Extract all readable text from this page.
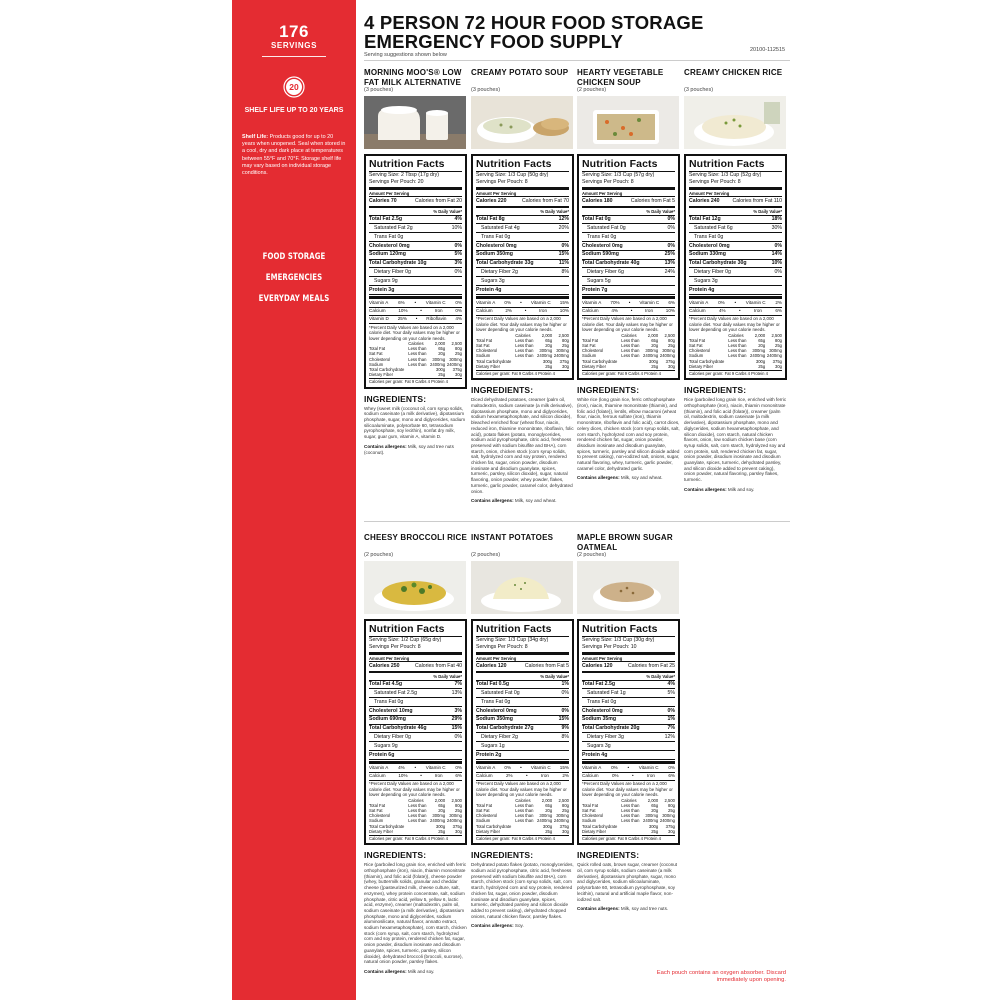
176
SERVINGS
20
SHELF LIFE UP TO 20 YEARS
Shelf Life: Products good for up to 20 years when unopened. Seal when stored in a cool, dry and dark place at temperatures between 55°F and 70°F. Storage shelf life may vary based on individual storage conditions.
FOOD STORAGE
EMERGENCIES
EVERYDAY MEALS
4 PERSON 72 HOUR FOOD STORAGE
EMERGENCY FOOD SUPPLY	20100-112515
Serving suggestions shown below
MORNING MOO'S® LOW FAT MILK ALTERNATIVE
(3 pouches)
Nutrition Facts
Serving Size: 2 Tbsp (17g dry)
Servings Per Pouch: 20
Amount Per Serving
Calories 70	Calories from Fat 20
% Daily Value*
Total Fat 2.5g	4%
Saturated Fat 2g	10%
Trans Fat 0g
Cholesterol 0mg	0%
Sodium 120mg	5%
Total Carbohydrate 10g	3%
Dietary Fiber 0g	0%
Sugars 9g
Protein 3g
Vitamin A 6% • Vitamin C 0%
Calcium	10%	•	Iron	0%
Vitamin D 25% • Riboflavin 4%
*Percent Daily Values are based on a 2,000 calorie diet. Your daily values may be higher or lower depending on your calorie needs.
	Calories	2,000	2,500
Total Fat	Less than	65g	80g
Sat Fat	Less than	20g	25g
Cholesterol	Less than	300mg	300mg
Sodium	Less than	2400mg	2400mg
Total Carbohydrate		300g	375g
Dietary Fiber		25g	30g
Calories per gram: Fat 9 Carbs 4 Protein 4
INGREDIENTS:
Whey (sweet milk (coconut oil, corn syrup solids, sodium caseinate (a milk derivative), dipotassium phosphate, sugar, mono and diglycerides, sodium silicoaluminate, polysorbate 60, tetrasodium pyrophosphate, soy lecithin), nonfat dry milk, sugar, guar gum, vitamin A, vitamin D.
Contains allergens: Milk, soy and tree nuts (coconut).
CREAMY POTATO SOUP
(3 pouches)
Nutrition Facts
Serving Size: 1/3 Cup (50g dry)
Servings Per Pouch: 8
Amount Per Serving
Calories 220	Calories from Fat 70
% Daily Value*
Total Fat 8g	12%
Saturated Fat 4g	20%
Trans Fat 0g
Cholesterol 0mg	0%
Sodium 350mg	15%
Total Carbohydrate 33g	11%
Dietary Fiber 2g	8%
Sugars 3g
Protein 4g
Vitamin A 0% • Vitamin C 15%
Calcium	2%	•	Iron	10%
*Percent Daily Values are based on a 2,000 calorie diet. Your daily values may be higher or lower depending on your calorie needs.
	Calories	2,000	2,500
Total Fat	Less than	65g	80g
Sat Fat	Less than	20g	25g
Cholesterol	Less than	300mg	300mg
Sodium	Less than	2400mg	2400mg
Total Carbohydrate		300g	375g
Dietary Fiber		25g	30g
Calories per gram: Fat 9 Carbs 4 Protein 4
INGREDIENTS:
Diced dehydrated potatoes, creamer (palm oil, maltodextrin, sodium caseinate (a milk derivative), dipotassium phosphate, mono and diglycerides, sodium hexametaphosphate, and silicon dioxide), bleached enriched flour (wheat flour, niacin, reduced iron, thiamine mononitrate, riboflavin, folic acid), potato flakes (potato, monoglycerides, sodium acid pyrophosphate, citric acid, freshness preserved with sodium bisulfite and BHA), corn starch, onion, chicken stock (corn syrup solids, salt, hydrolyzed corn and soy protein, rendered chicken fat, sugar, onion powder, disodium inosinate and disodium guanylate, spices, turmeric, parsley, silicon dioxide), sugar, natural flavoring, onion powder, whey powder, flakes, turmeric, garlic powder, caramel color, dehydrated onion.
Contains allergens: Milk, soy and wheat.
HEARTY VEGETABLE CHICKEN SOUP
(2 pouches)
Nutrition Facts
Serving Size: 1/3 Cup (57g dry)
Servings Per Pouch: 8
Amount Per Serving
Calories 180	Calories from Fat 5
% Daily Value*
Total Fat 0g	0%
Saturated Fat 0g	0%
Trans Fat 0g
Cholesterol 0mg	0%
Sodium 590mg	25%
Total Carbohydrate 40g	13%
Dietary Fiber 6g	24%
Sugars 5g
Protein 7g
Vitamin A 70% • Vitamin C 6%
Calcium	4%	•	Iron	10%
*Percent Daily Values are based on a 2,000 calorie diet. Your daily values may be higher or lower depending on your calorie needs.
	Calories	2,000	2,500
Total Fat	Less than	65g	80g
Sat Fat	Less than	20g	25g
Cholesterol	Less than	300mg	300mg
Sodium	Less than	2400mg	2400mg
Total Carbohydrate		300g	375g
Dietary Fiber		25g	30g
Calories per gram: Fat 9 Carbs 4 Protein 4
INGREDIENTS:
White rice (long grain rice, ferric orthophosphate (iron), niacin, thiamine mononitrate (thiamin), and folic acid (folate)), lentils, elbow macaroni (wheat flour, niacin, ferrous sulfate (iron), thiamin mononitrate, riboflavin and folic acid), carrot dices, celery dices, chicken stock (corn syrup solids, salt, corn starch, hydrolyzed corn and soy protein, rendered chicken fat, sugar, onion powder, disodium inosinate and disodium guanylate, spices, turmeric, parsley and silicon dioxide added to prevent caking), non-iodized salt, onions, sugar, natural flavoring, whey, turmeric, garlic powder, caramel color, dehydrated garlic.
Contains allergens: Milk, soy and wheat.
CREAMY CHICKEN RICE
(3 pouches)
Nutrition Facts
Serving Size: 1/3 Cup (52g dry)
Servings Per Pouch: 8
Amount Per Serving
Calories 240 Calories from Fat 110
% Daily Value*
Total Fat 12g	18%
Saturated Fat 6g	30%
Trans Fat 0g
Cholesterol 0mg	0%
Sodium 330mg	14%
Total Carbohydrate 30g	10%
Dietary Fiber 0g	0%
Sugars 3g
Protein 4g
Vitamin A 0% • Vitamin C 2%
Calcium	4%	•	Iron	6%
*Percent Daily Values are based on a 2,000 calorie diet. Your daily values may be higher or lower depending on your calorie needs.
	Calories	2,000	2,500
Total Fat	Less than	65g	80g
Sat Fat	Less than	20g	25g
Cholesterol	Less than	300mg	300mg
Sodium	Less than	2400mg	2400mg
Total Carbohydrate		300g	375g
Dietary Fiber		25g	30g
Calories per gram: Fat 9 Carbs 4 Protein 4
INGREDIENTS:
Rice (parboiled long grain rice, enriched with ferric orthophosphate (iron), niacin, thiamin mononitrate (thiamin), and folic acid (folate)), creamer (palm oil, maltodextrin, sodium caseinate (a milk derivative), dipotassium phosphate, mono and diglycerides, sodium hexametaphosphate, and silicon dioxide), corn starch, natural chicken flavors, onion, low sodium chicken base (corn syrup solids, salt, corn starch, hydrolyzed soy and corn protein, salt, rendered chicken fat, sugar, onion powder, disodium inosinate and disodium guanylate, spices, turmeric, dehydrated parsley, and silicon dioxide added to prevent caking), onion powder, natural flavoring, parsley flakes, turmeric.
Contains allergens: Milk and soy.
CHEESY BROCCOLI RICE
(2 pouches)
Nutrition Facts
Serving Size: 1/2 Cup (65g dry)
Servings Per Pouch: 8
Amount Per Serving
Calories 250	Calories from Fat 40
% Daily Value*
Total Fat 4.5g	7%
Saturated Fat 2.5g	13%
Trans Fat 0g
Cholesterol 10mg	3%
Sodium 690mg	29%
Total Carbohydrate 46g	15%
Dietary Fiber 0g	0%
Sugars 9g
Protein 6g
Vitamin A 4% • Vitamin C 0%
Calcium	10%	•	Iron	6%
*Percent Daily Values are based on a 2,000 calorie diet. Your daily values may be higher or lower depending on your calorie needs.
	Calories	2,000	2,500
Total Fat	Less than	65g	80g
Sat Fat	Less than	20g	25g
Cholesterol	Less than	300mg	300mg
Sodium	Less than	2400mg	2400mg
Total Carbohydrate		300g	375g
Dietary Fiber		25g	30g
Calories per gram: Fat 9 Carbs 4 Protein 4
INGREDIENTS:
Rice (parboiled long grain rice, enriched with ferric orthophosphate (iron), niacin, thiamin mononitrate (thiamin), and folic acid (folate)), cheese powder (whey, buttermilk solids, granular and cheddar cheese ((pasteurized milk, cheese culture, salt, enzymes), whey protein concentrate, salt, sodium phosphate, citric acid, yellow 5, yellow 6, lactic acid, enzyme), creamer (maltodextrin, palm oil, sodium caseinate (a milk derivative), dipotassium phosphate, mono and diglycerides, sodium aluminosilicate, natural flavor, annatto extract, sodium hexametaphosphate), corn starch, chicken stock (corn syrup, salt, corn starch, hydrolyzed corn and soy protein, rendered chicken fat, sugar, onion powder, disodium inosinate and disodium guanylate, spices, turmeric, parsley, silicon dioxide), dehydrated broccoli (broccoli, sucrose), natural onion powder, parsley flakes.
Contains allergens: Milk and soy.
INSTANT POTATOES
(2 pouches)
Nutrition Facts
Serving Size: 1/3 Cup (34g dry)
Servings Per Pouch: 8
Amount Per Serving
Calories 120	Calories from Fat 5
% Daily Value*
Total Fat 0.5g	1%
Saturated Fat 0g	0%
Trans Fat 0g
Cholesterol 0mg	0%
Sodium 350mg	15%
Total Carbohydrate 27g	9%
Dietary Fiber 2g	8%
Sugars 1g
Protein 2g
Vitamin A 0% • Vitamin C 15%
Calcium	2%	•	Iron	2%
*Percent Daily Values are based on a 2,000 calorie diet. Your daily values may be higher or lower depending on your calorie needs.
	Calories	2,000	2,500
Total Fat	Less than	65g	80g
Sat Fat	Less than	20g	25g
Cholesterol	Less than	300mg	300mg
Sodium	Less than	2400mg	2400mg
Total Carbohydrate		300g	375g
Dietary Fiber		25g	30g
Calories per gram: Fat 9 Carbs 4 Protein 4
INGREDIENTS:
Dehydrated potato flakes (potato, monoglycerides, sodium acid pyrophosphate, citric acid, freshness preserved with sodium bisulfite and BHA), corn starch, chicken stock (corn syrup solids, salt, corn starch, hydrolyzed corn and soy protein, rendered chicken fat, sugar, onion powder, disodium inosinate and disodium guanylate, spices, turmeric, dehydrated parsley and silicon dioxide added to prevent caking), dehydrated chopped onions, natural chicken flavor, parsley flakes.
Contains allergens: Soy.
MAPLE BROWN SUGAR OATMEAL
(2 pouches)
Nutrition Facts
Serving Size: 1/3 Cup (30g dry)
Servings Per Pouch: 10
Amount Per Serving
Calories 120	Calories from Fat 25
% Daily Value*
Total Fat 2.5g	4%
Saturated Fat 1g	5%
Trans Fat 0g
Cholesterol 0mg	0%
Sodium 35mg	1%
Total Carbohydrate 20g	7%
Dietary Fiber 3g	12%
Sugars 3g
Protein 4g
Vitamin A 0% • Vitamin C 0%
Calcium	0%	•	Iron	6%
*Percent Daily Values are based on a 2,000 calorie diet. Your daily values may be higher or lower depending on your calorie needs.
	Calories	2,000	2,500
Total Fat	Less than	65g	80g
Sat Fat	Less than	20g	25g
Cholesterol	Less than	300mg	300mg
Sodium	Less than	2400mg	2400mg
Total Carbohydrate		300g	375g
Dietary Fiber		25g	30g
Calories per gram: Fat 9 Carbs 4 Protein 4
INGREDIENTS:
Quick rolled oats, brown sugar, creamer (coconut oil, corn syrup solids, sodium caseinate (a milk derivative), dipotassium phosphate, sugar, mono and diglycerides, sodium silicoaluminate, polysorbate 60, tetrasodium pyrophosphate, soy lecithin), natural and artificial maple flavor, non-iodized salt.
Contains allergens: Milk, soy and tree nuts.
Each pouch contains an oxygen absorber. Discard immediately upon opening.
